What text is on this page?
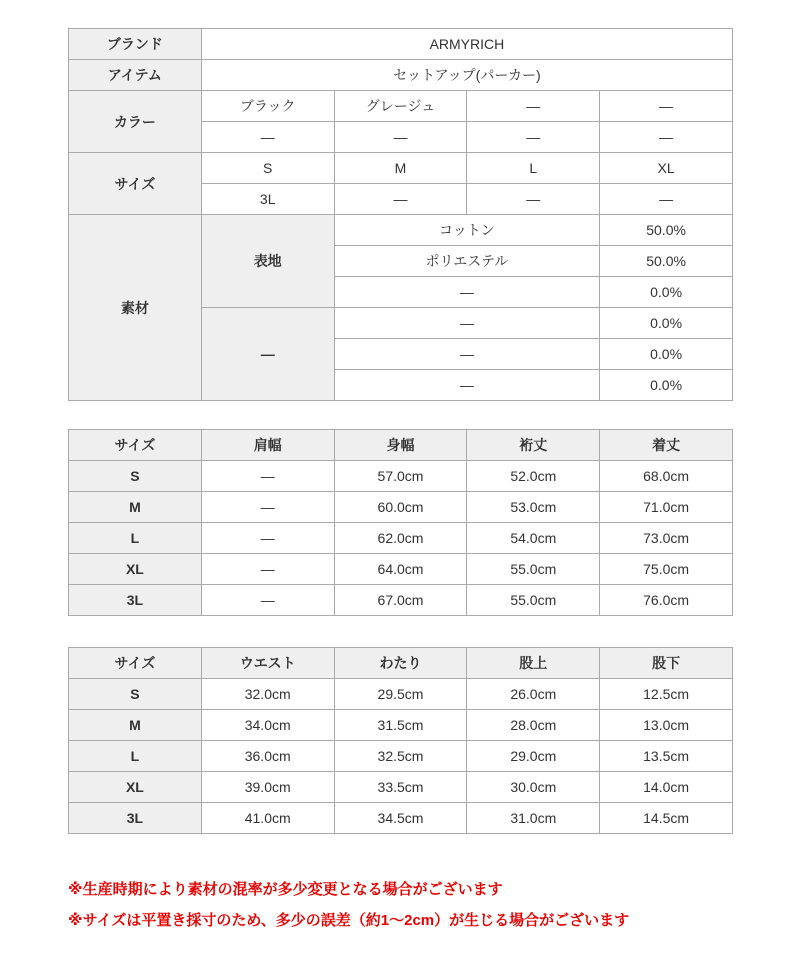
ブランド	ARMYRICH			
アイテム	セットアップ(パーカー)			
カラー	ブラック	グレージュ	—	—
	—	—	—	—
サイズ	S	M	L	XL
	3L	—	—	—
素材	表地	コットン		50.0%
		ポリエステル		50.0%
		—		0.0%
	—	—		0.0%
		—		0.0%
		—		0.0%
サイズ	肩幅	身幅	裄丈	着丈
S	—	57.0cm	52.0cm	68.0cm
M	—	60.0cm	53.0cm	71.0cm
L	—	62.0cm	54.0cm	73.0cm
XL	—	64.0cm	55.0cm	75.0cm
3L	—	67.0cm	55.0cm	76.0cm
サイズ	ウエスト	わたり	股上	股下
S	32.0cm	29.5cm	26.0cm	12.5cm
M	34.0cm	31.5cm	28.0cm	13.0cm
L	36.0cm	32.5cm	29.0cm	13.5cm
XL	39.0cm	33.5cm	30.0cm	14.0cm
3L	41.0cm	34.5cm	31.0cm	14.5cm
※生産時期により素材の混率が多少変更となる場合がございます
※サイズは平置き採寸のため、多少の誤差（約1～2cm）が生じる場合がございます
